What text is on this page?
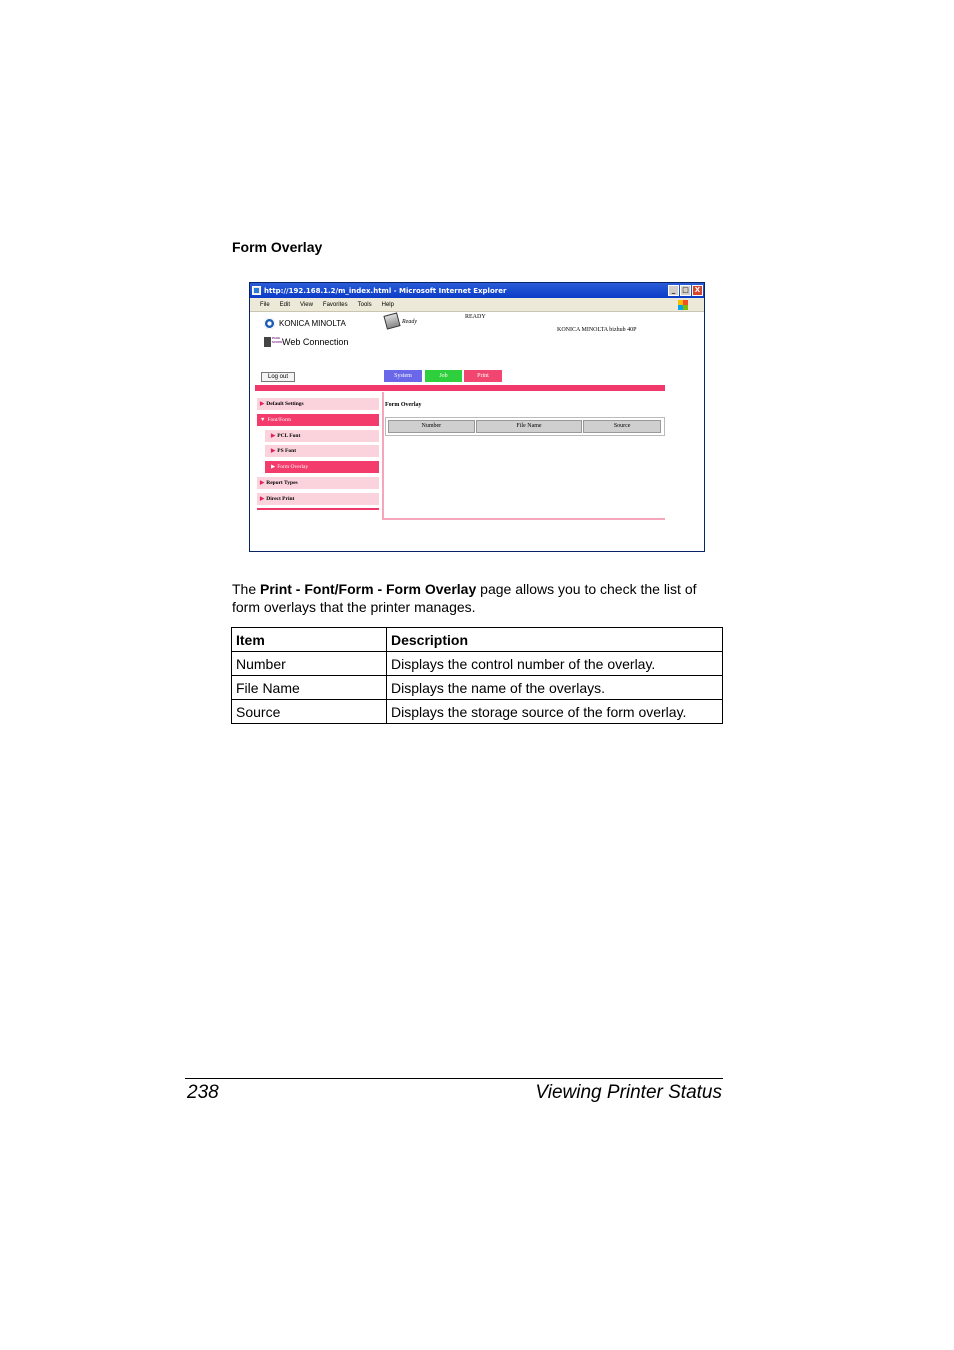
Form Overlay
http://192.168.1.2/m_index.html - Microsoft Internet Explorer	_ □ X
File Edit View Favorites Tools Help
KONICA MINOLTA
PAGE SCOPE
Web Connection
Ready
READY
KONICA MINOLTA bizhub 40P
Log out	System	Job	Print
▶ Default Settings
▼ Font/Form
▶ PCL Font
▶ PS Font
▶ Form Overlay
▶ Report Types
▶ Direct Print
Form Overlay
Number	File Name	Source

The Print - Font/Form - Form Overlay page allows you to check the list of form overlays that the printer manages.

Item	Description
Number	Displays the control number of the overlay.
File Name	Displays the name of the overlays.
Source	Displays the storage source of the form overlay.
238	Viewing Printer Status
